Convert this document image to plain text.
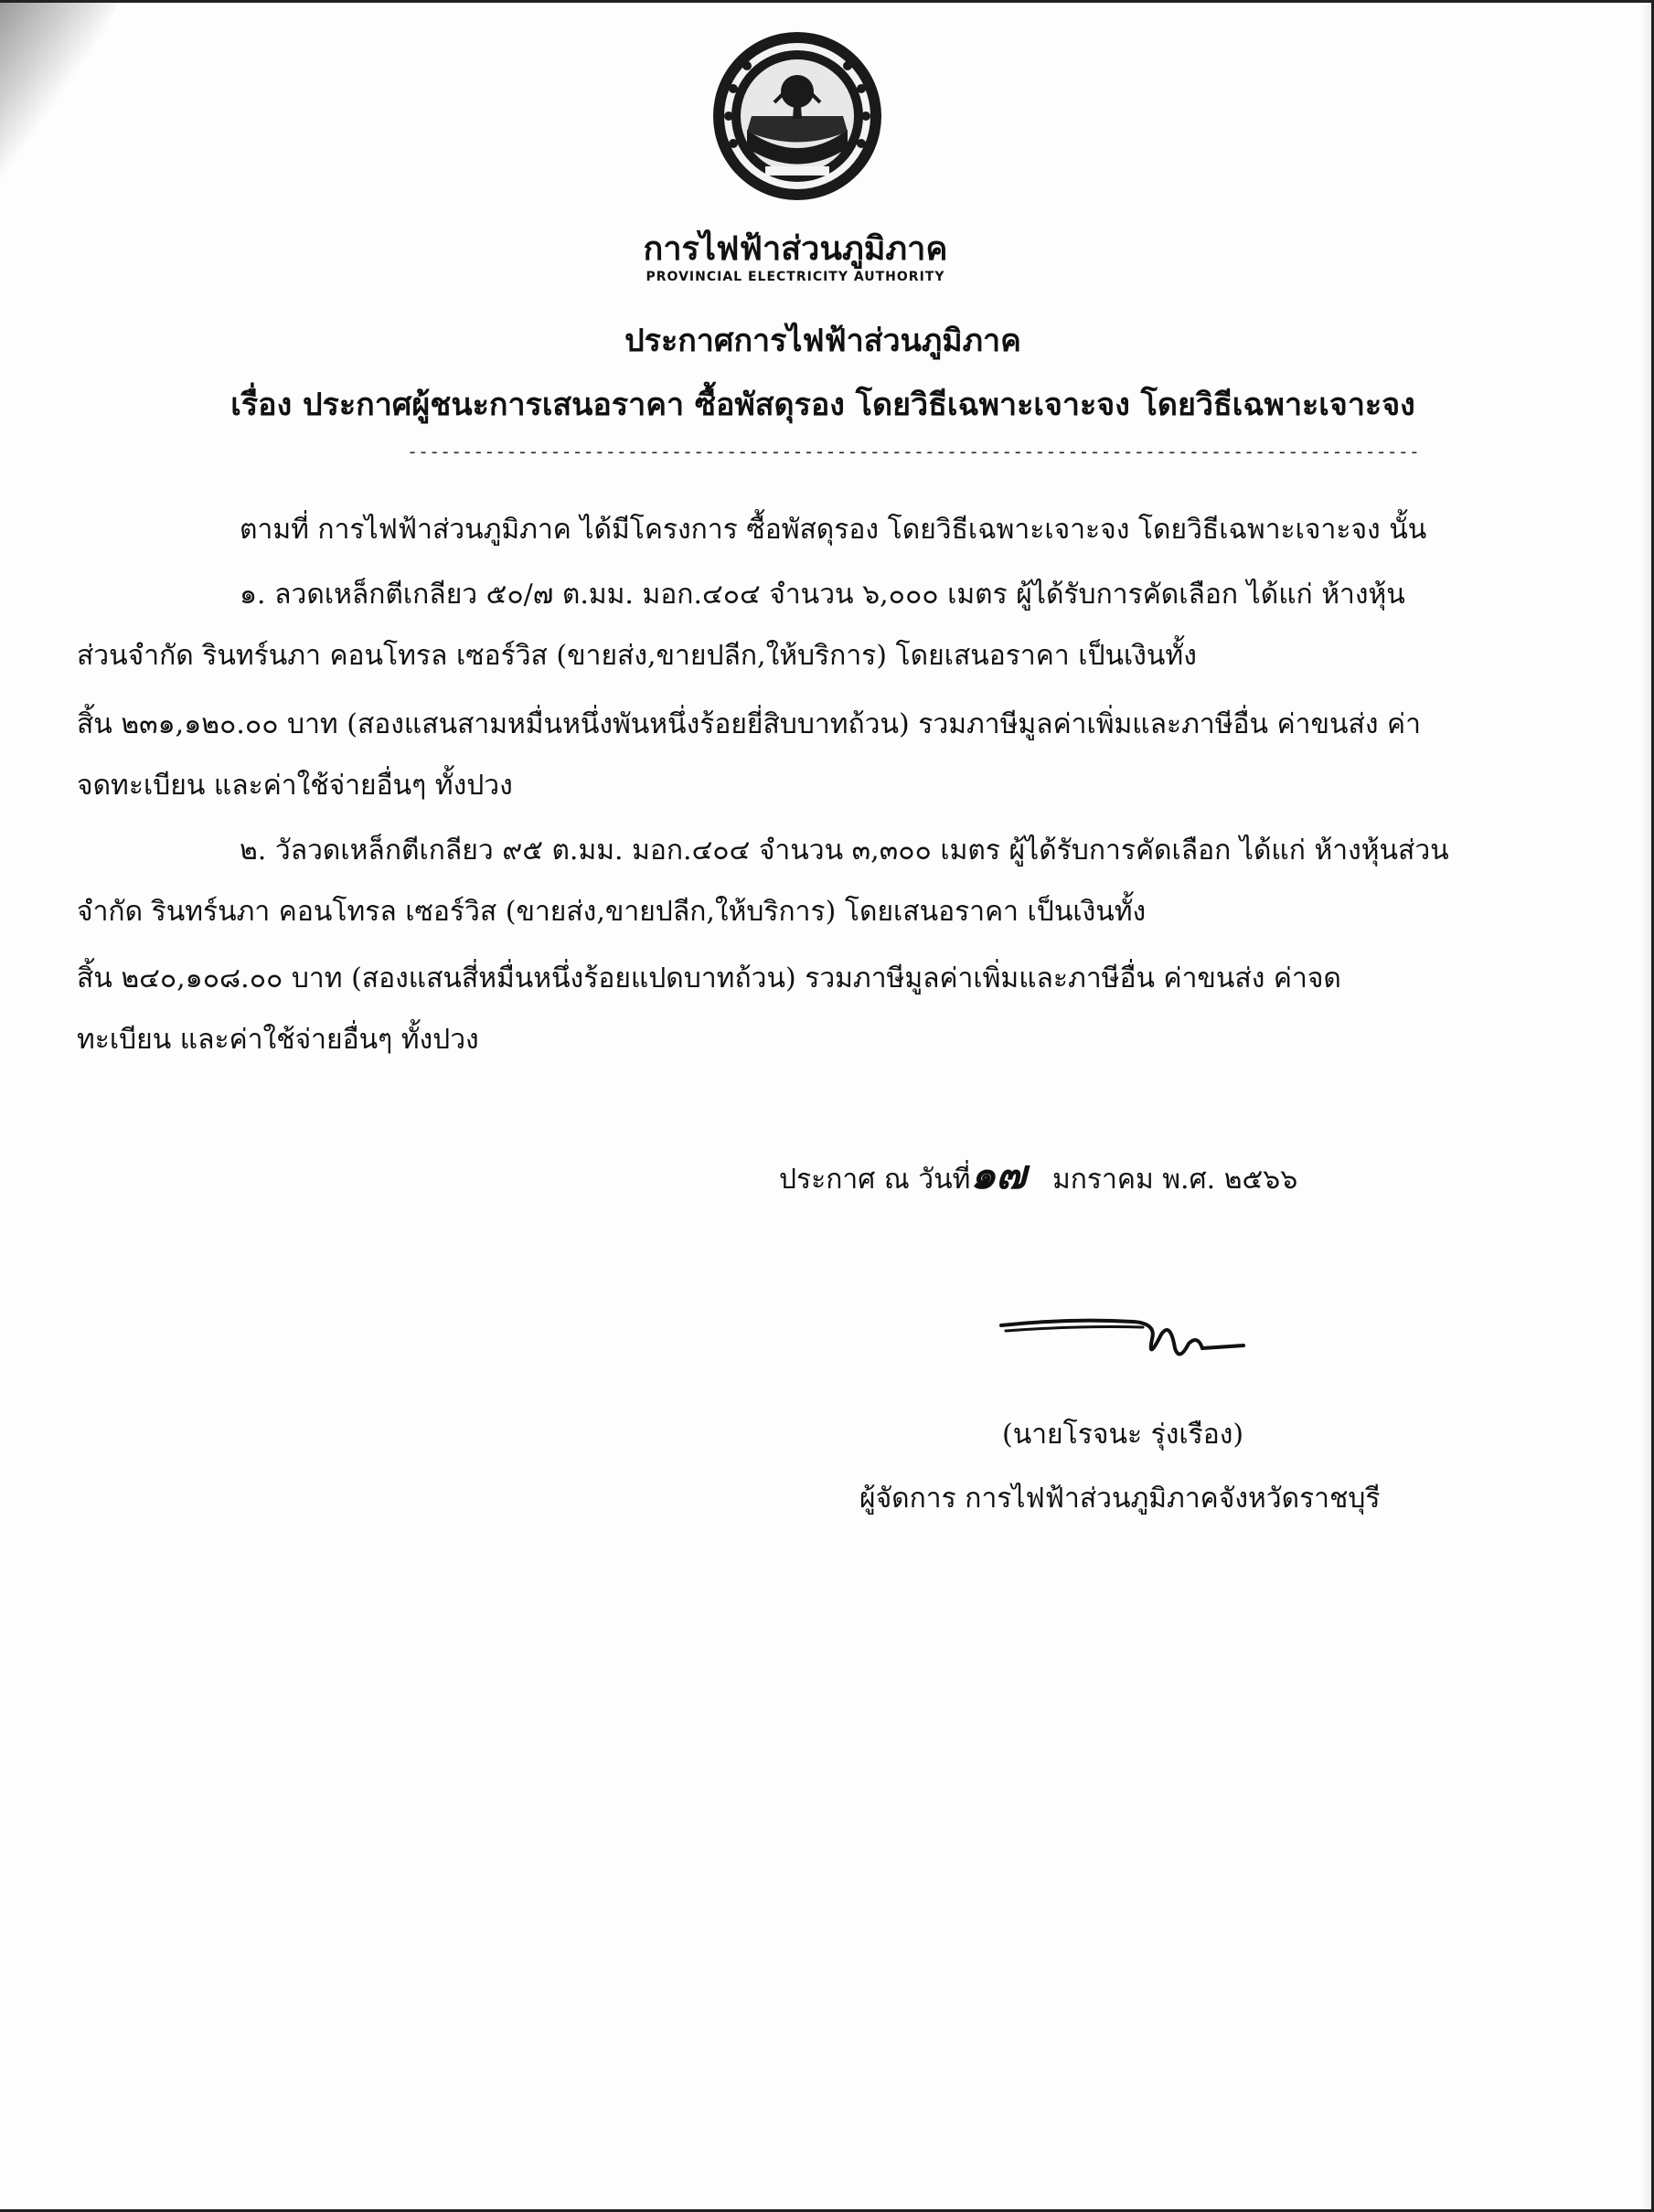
การไฟฟ้าส่วนภูมิภาค
PROVINCIAL ELECTRICITY AUTHORITY
ประกาศการไฟฟ้าส่วนภูมิภาค
เรื่อง ประกาศผู้ชนะการเสนอราคา ซื้อพัสดุรอง โดยวิธีเฉพาะเจาะจง โดยวิธีเฉพาะเจาะจง
--------------------------------------------------------------------------------------------
ตามที่ การไฟฟ้าส่วนภูมิภาค ได้มีโครงการ ซื้อพัสดุรอง โดยวิธีเฉพาะเจาะจง โดยวิธีเฉพาะเจาะจง นั้น
๑. ลวดเหล็กตีเกลียว ๕๐/๗ ต.มม. มอก.๔๐๔ จำนวน ๖,๐๐๐ เมตร ผู้ได้รับการคัดเลือก ได้แก่ ห้างหุ้น
ส่วนจำกัด รินทร์นภา คอนโทรล เซอร์วิส (ขายส่ง,ขายปลีก,ให้บริการ) โดยเสนอราคา เป็นเงินทั้ง
สิ้น ๒๓๑,๑๒๐.๐๐ บาท (สองแสนสามหมื่นหนึ่งพันหนึ่งร้อยยี่สิบบาทถ้วน) รวมภาษีมูลค่าเพิ่มและภาษีอื่น ค่าขนส่ง ค่า
จดทะเบียน และค่าใช้จ่ายอื่นๆ ทั้งปวง
๒. วัลวดเหล็กตีเกลียว ๙๕ ต.มม. มอก.๔๐๔ จำนวน ๓,๓๐๐ เมตร ผู้ได้รับการคัดเลือก ได้แก่ ห้างหุ้นส่วน
จำกัด รินทร์นภา คอนโทรล เซอร์วิส (ขายส่ง,ขายปลีก,ให้บริการ) โดยเสนอราคา เป็นเงินทั้ง
สิ้น ๒๔๐,๑๐๘.๐๐ บาท (สองแสนสี่หมื่นหนึ่งร้อยแปดบาทถ้วน) รวมภาษีมูลค่าเพิ่มและภาษีอื่น ค่าขนส่ง ค่าจด
ทะเบียน และค่าใช้จ่ายอื่นๆ ทั้งปวง
ประกาศ ณ วันที่๑๗ มกราคม พ.ศ. ๒๕๖๖
(นายโรจนะ รุ่งเรือง)
ผู้จัดการ การไฟฟ้าส่วนภูมิภาคจังหวัดราชบุรี
